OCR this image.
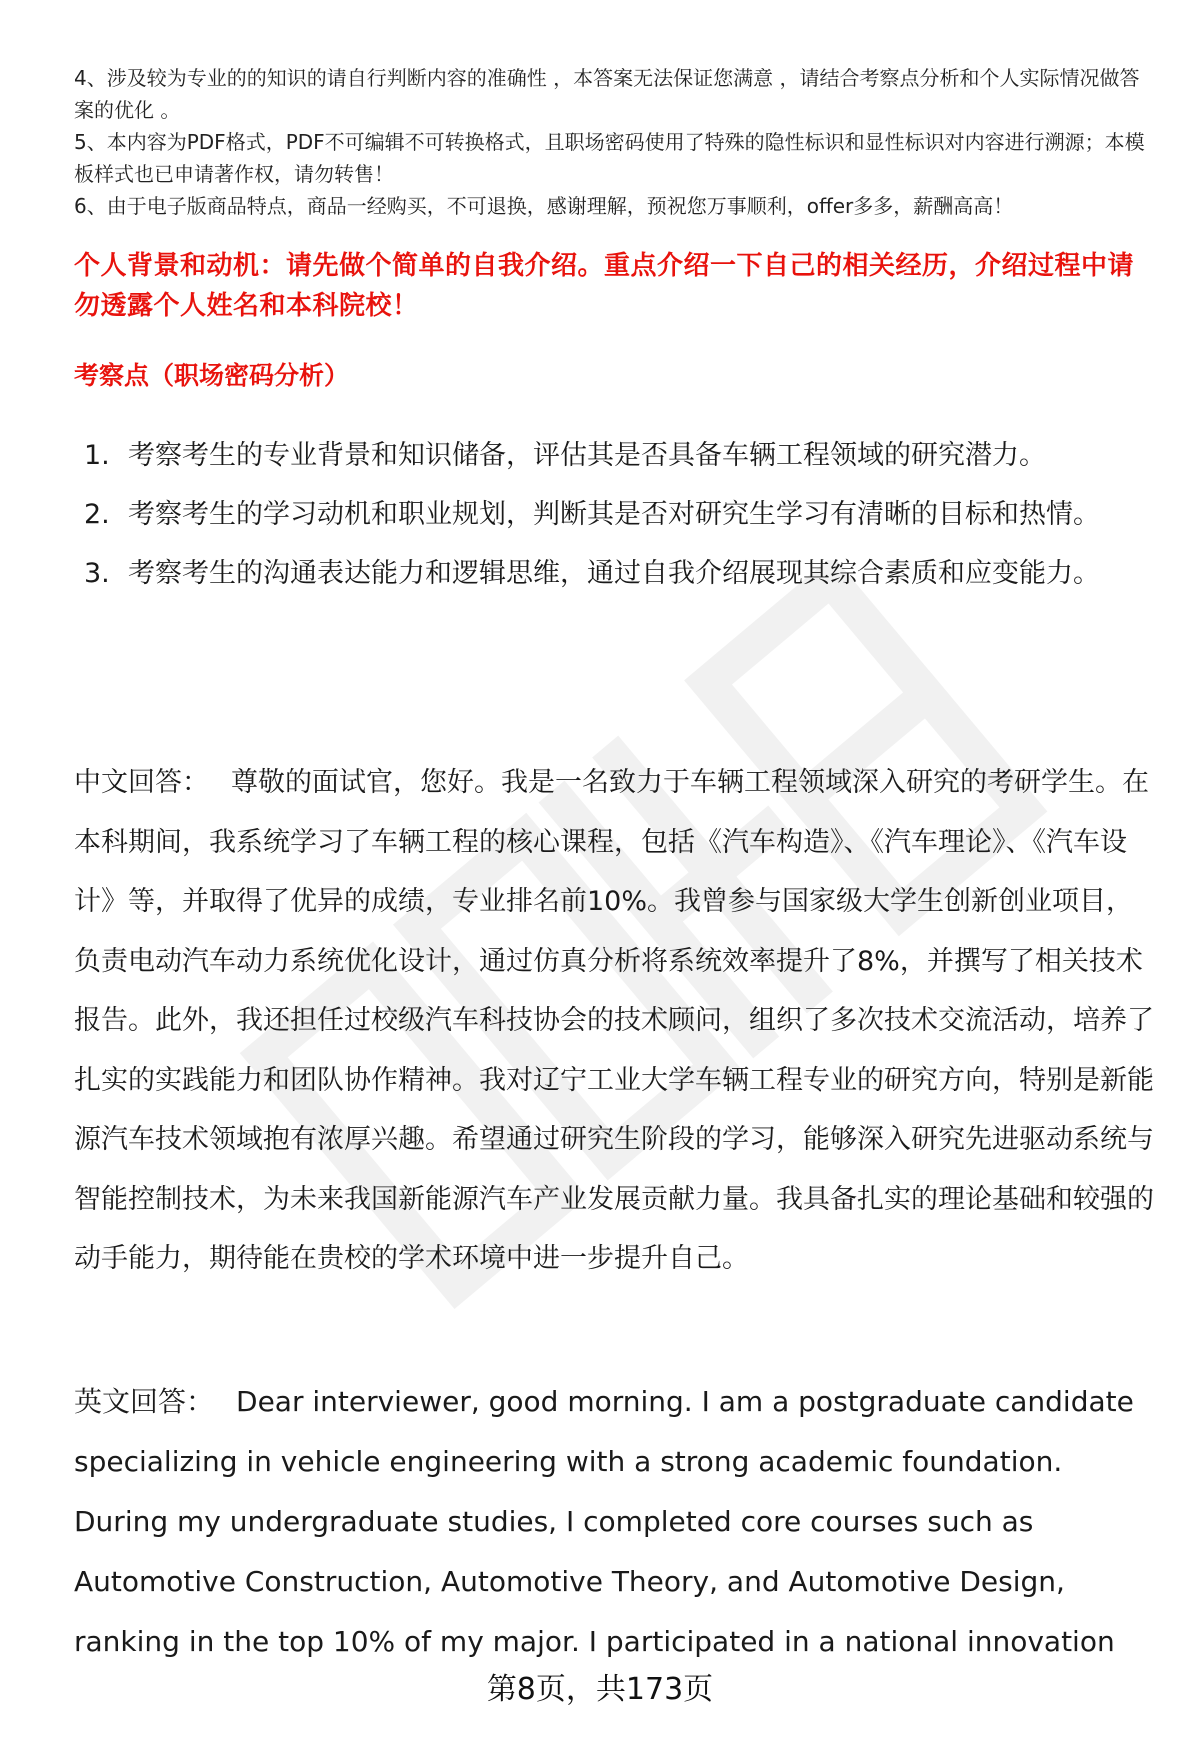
4、涉及较为专业的的知识的请自行判断内容的准确性 ，本答案无法保证您满意 ，请结合考察点分析和个人实际情况做答案的优化 。

5、本内容为PDF格式，PDF不可编辑不可转换格式，且职场密码使用了特殊的隐性标识和显性标识对内容进行溯源；本模板样式也已申请著作权，请勿转售！

6、由于电子版商品特点，商品一经购买，不可退换，感谢理解，预祝您万事顺利，offer多多，薪酬高高！

个人背景和动机：请先做个简单的自我介绍。重点介绍一下自己的相关经历，介绍过程中请勿透露个人姓名和本科院校！
考察点（职场密码分析）
1. 考察考生的专业背景和知识储备，评估其是否具备车辆工程领域的研究潜力。
2. 考察考生的学习动机和职业规划，判断其是否对研究生学习有清晰的目标和热情。
3. 考察考生的沟通表达能力和逻辑思维，通过自我介绍展现其综合素质和应变能力。

中文回答： 尊敬的面试官，您好。我是一名致力于车辆工程领域深入研究的考研学生。在本科期间，我系统学习了车辆工程的核心课程，包括《汽车构造》、《汽车理论》、《汽车设计》等，并取得了优异的成绩，专业排名前10%。我曾参与国家级大学生创新创业项目，负责电动汽车动力系统优化设计，通过仿真分析将系统效率提升了8%，并撰写了相关技术报告。此外，我还担任过校级汽车科技协会的技术顾问，组织了多次技术交流活动，培养了扎实的实践能力和团队协作精神。我对辽宁工业大学车辆工程专业的研究方向，特别是新能源汽车技术领域抱有浓厚兴趣。希望通过研究生阶段的学习，能够深入研究先进驱动系统与智能控制技术，为未来我国新能源汽车产业发展贡献力量。我具备扎实的理论基础和较强的动手能力，期待能在贵校的学术环境中进一步提升自己。

英文回答： Dear interviewer, good morning. I am a postgraduate candidate specializing in vehicle engineering with a strong academic foundation. During my undergraduate studies, I completed core courses such as Automotive Construction, Automotive Theory, and Automotive Design, ranking in the top 10% of my major. I participated in a national innovation

第8页，共173页
